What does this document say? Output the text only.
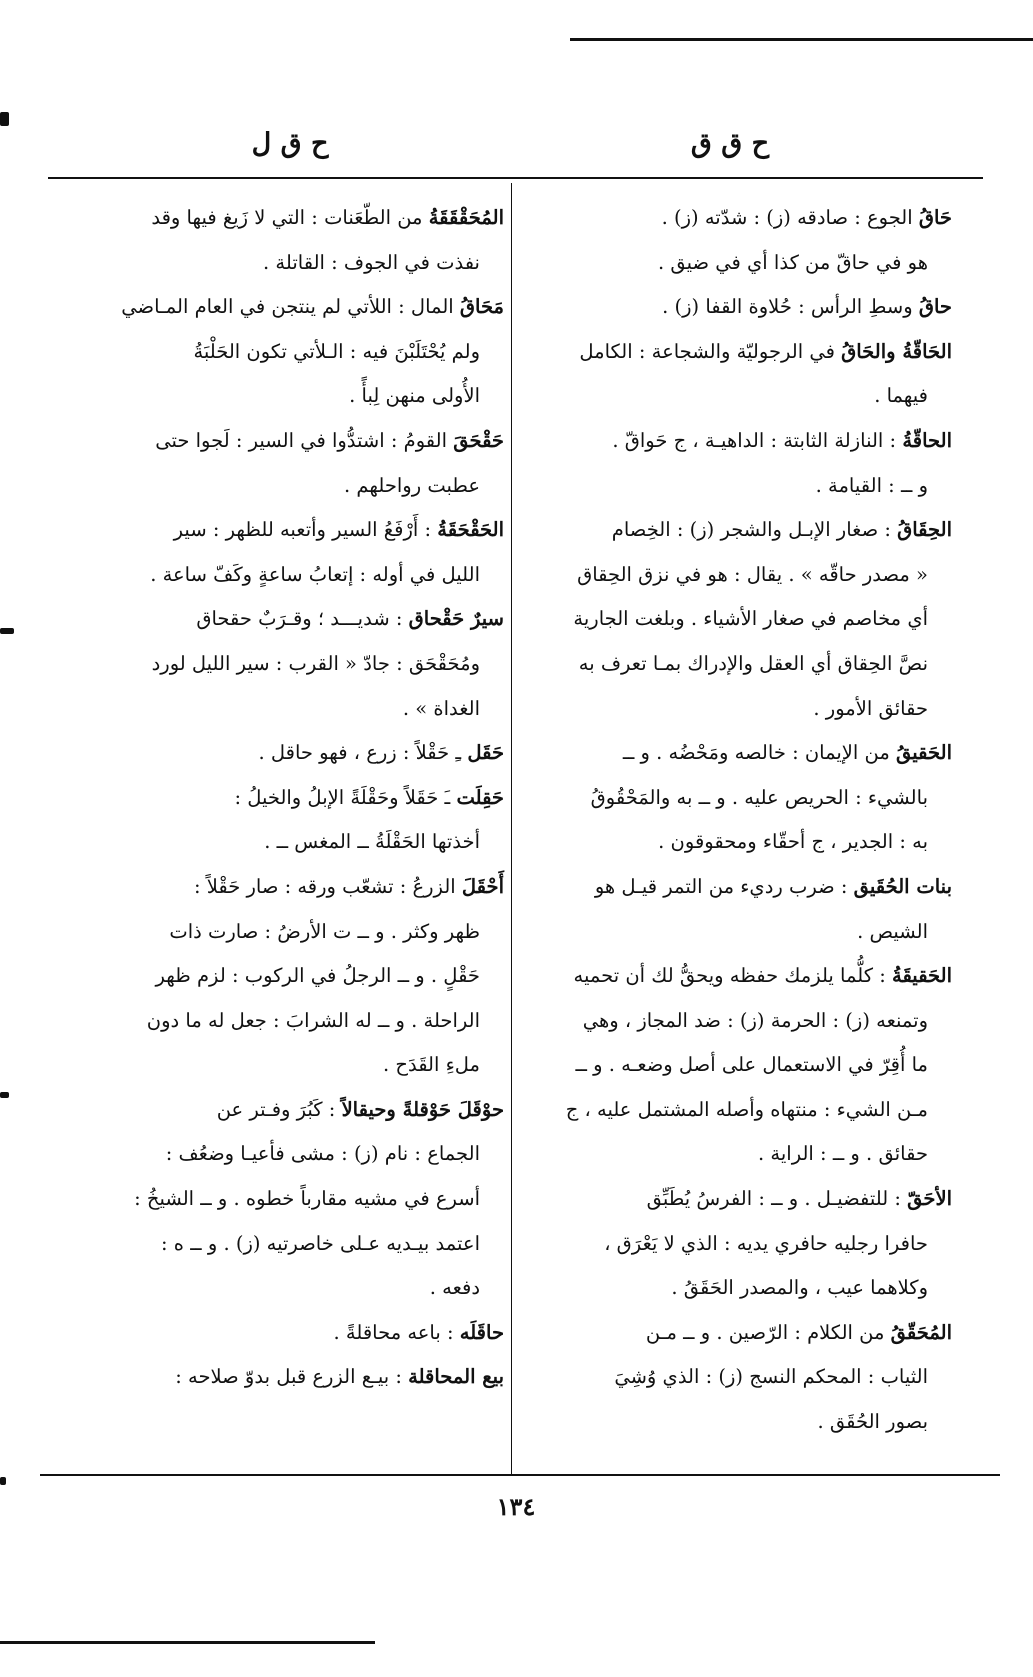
ح ق ق
ح ق ل
حَاقُ الجوع : صادقه (ز) : شدّته (ز) .
هو في حاقّ من كذا أي في ضيق .
حاقُ وسطِ الرأس : حُلاوة القفا (ز) .
الحَاقّةُ والحَاقُ في الرجوليّة والشجاعة : الكامل
فيهما .
الحاقّةُ : النازلة الثابتة : الداهيـة ، ج حَواقّ .
و ــ : القيامة .
الحِقَاقُ : صغار الإبـل والشجر (ز) : الخِصام
« مصدر حاقّه » . يقال : هو في نزق الحِقاق
أي مخاصم في صغار الأشياء . وبلغت الجارية
نصَّ الحِقاق أي العقل والإدراك بمـا تعرف به
حقائق الأمور .
الحَقيقُ من الإيمان : خالصه ومَحْضُه . و ــ
بالشيء : الحريص عليه . و ــ به والمَحْقُوقُ
به : الجدير ، ج أحقّاء ومحقوقون .
بنات الحُقَيق : ضرب رديء من التمر قيـل هو
الشيص .
الحَقيقَةُ : كلُّما يلزمك حفظه ويحقُّ لك أن تحميه
وتمنعه (ز) : الحرمة (ز) : ضد المجاز ، وهي
ما أُقِرّ في الاستعمال على أصل وضعـه . و ــ
مـن الشيء : منتهاه وأصله المشتمل عليه ، ج
حقائق . و ــ : الراية .
الأحَقّ : للتفضيـل . و ــ : الفرسُ يُطَبِّق
حافرا رجليه حافري يديه : الذي لا يَعْرَق ،
وكلاهما عيب ، والمصدر الحَقَقُ .
المُحَقّقُ من الكلام : الرّصين . و ــ مـن
الثياب : المحكم النسج (ز) : الذي وُشِيَ
بصور الحُقَق .
المُحَقْقَقَةُ من الطّعَنات : التي لا زَيغ فيها وقد
نفذت في الجوف : القاتلة .
مَحَاقُ المال : اللأتي لم ينتجن في العام المـاضي
ولم يُحْتَلَبْنَ فيه : الـلأتي تكون الحَلْبَةُ
الأُولى منهن لِبأً .
حَقْحَقَ القومُ : اشتدُّوا في السير : لَجوا حتى
عطبت رواحلهم .
الحَقْحَقَةُ : أَرْفَعُ السير وأتعبه للظهر : سير
الليل في أوله : إتعابُ ساعةٍ وكَفّ ساعة .
سيرٌ حَقْحاق : شديـــد ؛ وقـرَبٌ حقحاق
ومُحَقْحَق : جادّ « القرب : سير الليل لورد
الغداة » .
حَقَل ـِ حَقْلاً : زرع ، فهو حاقل .
حَقِلَت ـَ حَقَلاً وحَقْلَةً الإبلُ والخيلُ :
أخذتها الحَقْلَةُ ــ المغس ــ .
أَحْقَلَ الزرعُ : تشعّب ورقه : صار حَقْلاً :
ظهر وكثر . و ــ ت الأرضُ : صارت ذات
حَقْلٍ . و ــ الرجلُ في الركوب : لزم ظهر
الراحلة . و ــ له الشرابَ : جعل له ما دون
ملءِ القَدَح .
حوْقَلَ حَوْقلةً وحيقالاً : كَبُرَ وفـتر عن
الجماع : نام (ز) : مشى فأعيـا وضعُف :
أسرع في مشيه مقارباً خطوه . و ــ الشيخُ :
اعتمد بيـديه عـلى خاصرتيه (ز) . و ــ ه :
دفعه .
حاقَلَه : باعه محاقلةً .
بيع المحاقلة : بيـع الزرع قبل بدوّ صلاحه :
١٣٤
